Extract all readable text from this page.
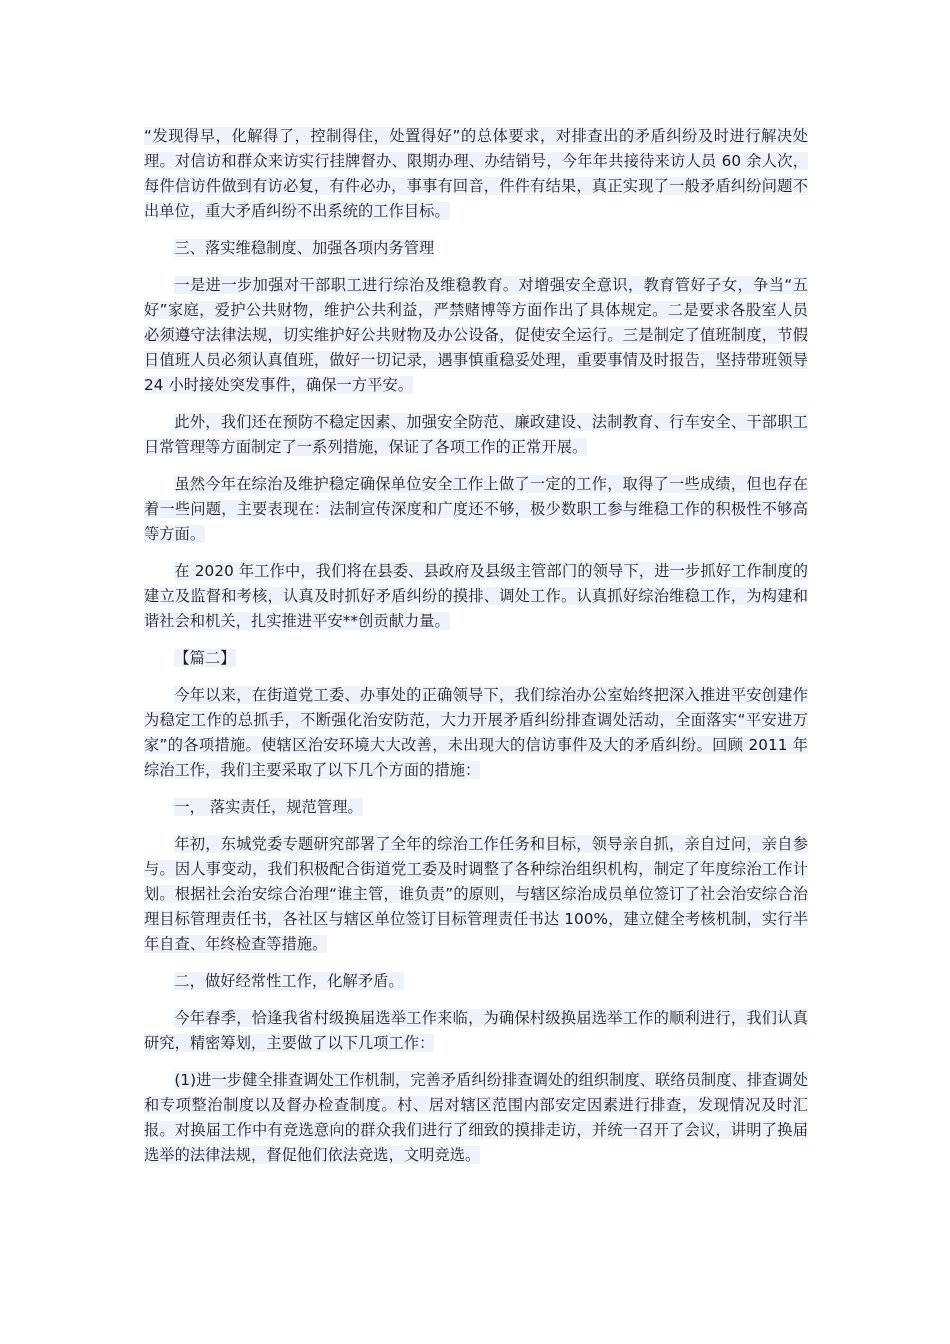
“发现得早，化解得了，控制得住，处置得好”的总体要求，对排查出的矛盾纠纷及时进行解决处理。对信访和群众来访实行挂牌督办、限期办理、办结销号，今年年共接待来访人员 60 余人次，每件信访件做到有访必复，有件必办，事事有回音，件件有结果，真正实现了一般矛盾纠纷问题不出单位，重大矛盾纠纷不出系统的工作目标。

三、落实维稳制度、加强各项内务管理

一是进一步加强对干部职工进行综治及维稳教育。对增强安全意识，教育管好子女，争当“五好”家庭，爱护公共财物，维护公共利益，严禁赌博等方面作出了具体规定。二是要求各股室人员必须遵守法律法规，切实维护好公共财物及办公设备，促使安全运行。三是制定了值班制度，节假日值班人员必须认真值班，做好一切记录，遇事慎重稳妥处理，重要事情及时报告，坚持带班领导 24 小时接处突发事件，确保一方平安。

此外，我们还在预防不稳定因素、加强安全防范、廉政建设、法制教育、行车安全、干部职工日常管理等方面制定了一系列措施，保证了各项工作的正常开展。

虽然今年在综治及维护稳定确保单位安全工作上做了一定的工作，取得了一些成绩，但也存在着一些问题，主要表现在：法制宣传深度和广度还不够，极少数职工参与维稳工作的积极性不够高等方面。

在 2020 年工作中，我们将在县委、县政府及县级主管部门的领导下，进一步抓好工作制度的建立及监督和考核，认真及时抓好矛盾纠纷的摸排、调处工作。认真抓好综治维稳工作，为构建和谐社会和机关，扎实推进平安**创贡献力量。

【篇二】

今年以来，在街道党工委、办事处的正确领导下，我们综治办公室始终把深入推进平安创建作为稳定工作的总抓手，不断强化治安防范，大力开展矛盾纠纷排查调处活动，全面落实“平安进万家”的各项措施。使辖区治安环境大大改善，未出现大的信访事件及大的矛盾纠纷。回顾 2011 年综治工作，我们主要采取了以下几个方面的措施：

一， 落实责任，规范管理。

年初，东城党委专题研究部署了全年的综治工作任务和目标，领导亲自抓，亲自过问，亲自参与。因人事变动，我们积极配合街道党工委及时调整了各种综治组织机构，制定了年度综治工作计划。根据社会治安综合治理“谁主管，谁负责”的原则，与辖区综治成员单位签订了社会治安综合治理目标管理责任书，各社区与辖区单位签订目标管理责任书达 100%，建立健全考核机制，实行半年自查、年终检查等措施。

二，做好经常性工作，化解矛盾。

今年春季，恰逢我省村级换届选举工作来临，为确保村级换届选举工作的顺利进行，我们认真研究，精密筹划，主要做了以下几项工作：

(1)进一步健全排查调处工作机制，完善矛盾纠纷排查调处的组织制度、联络员制度、排查调处和专项整治制度以及督办检查制度。村、居对辖区范围内部安定因素进行排查，发现情况及时汇报。对换届工作中有竞选意向的群众我们进行了细致的摸排走访，并统一召开了会议，讲明了换届选举的法律法规，督促他们依法竞选，文明竞选。
